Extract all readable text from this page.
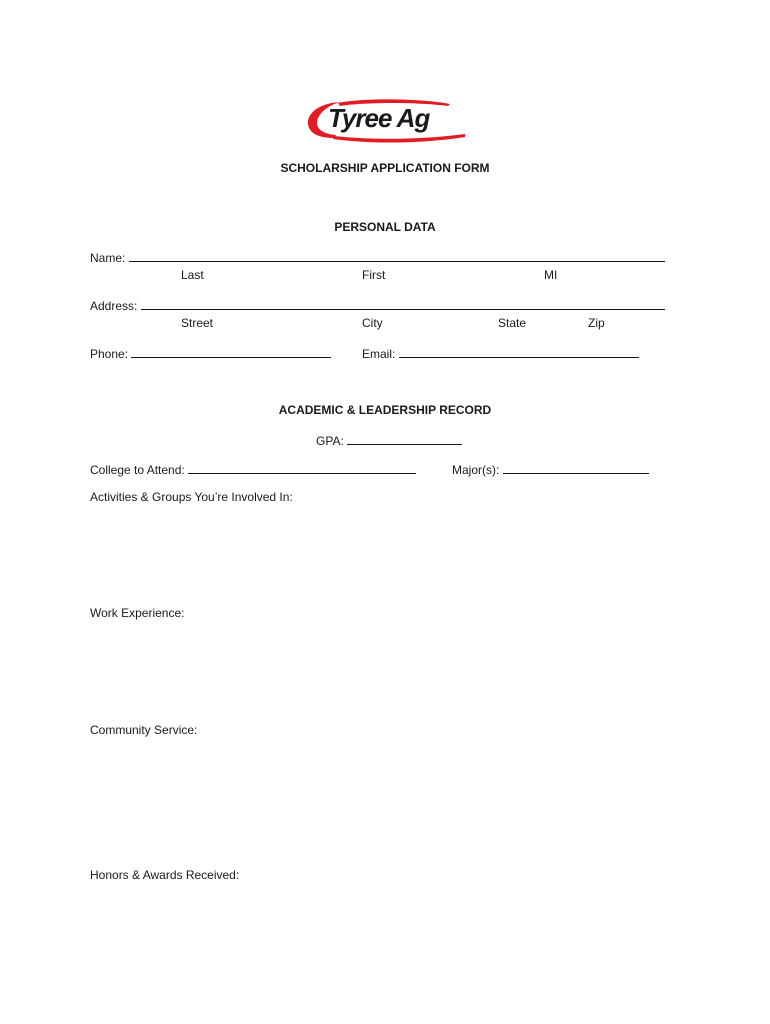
Tyree Ag
SCHOLARSHIP APPLICATION FORM
PERSONAL DATA
Name:
Last	First	MI
Address:
Street	City	State	Zip
Phone:	Email:
ACADEMIC & LEADERSHIP RECORD
GPA:
College to Attend:	Major(s):
Activities & Groups You’re Involved In:
Work Experience:
Community Service:
Honors & Awards Received:
